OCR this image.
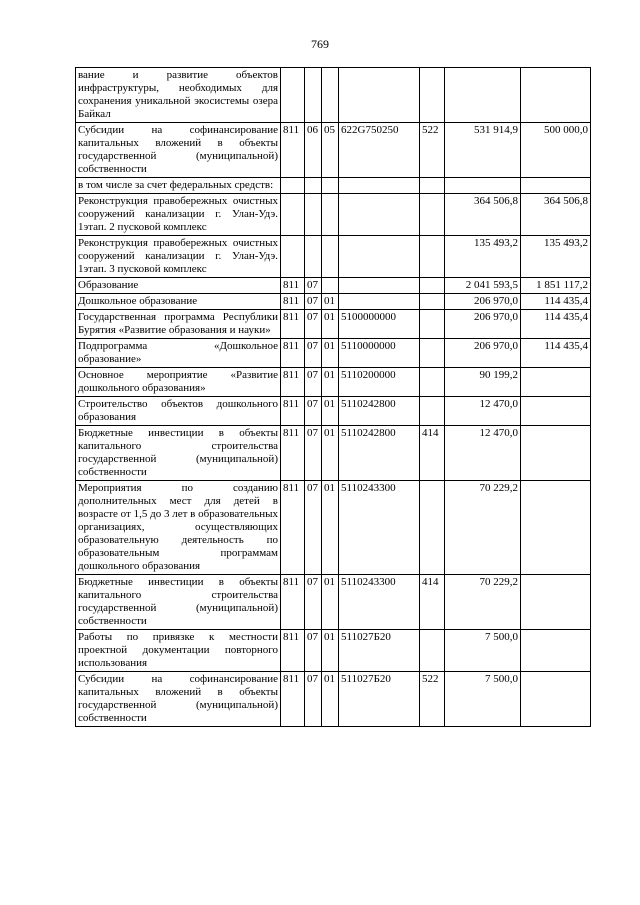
769
вание и развитие объектов инфраструктуры, необходимых для сохранения уникальной экосистемы озера Байкал							
Субсидии на софинансирование капитальных вложений в объекты государственной (муниципальной) собственности	811	06	05	622G750250	522	531 914,9	500 000,0
в том числе за счет федеральных средств:							
Реконструкция правобережных очистных сооружений канализации г. Улан-Удэ. 1этап. 2 пусковой комплекс						364 506,8	364 506,8
Реконструкция правобережных очистных сооружений канализации г. Улан-Удэ. 1этап. 3 пусковой комплекс						135 493,2	135 493,2
Образование	811	07				2 041 593,5	1 851 117,2
Дошкольное образование	811	07	01			206 970,0	114 435,4
Государственная программа Республики Бурятия «Развитие образования и науки»	811	07	01	5100000000		206 970,0	114 435,4
Подпрограмма «Дошкольное образование»	811	07	01	5110000000		206 970,0	114 435,4
Основное мероприятие «Развитие дошкольного образования»	811	07	01	5110200000		90 199,2	
Строительство объектов дошкольного образования	811	07	01	5110242800		12 470,0	
Бюджетные инвестиции в объекты капитального строительства государственной (муниципальной) собственности	811	07	01	5110242800	414	12 470,0	
Мероприятия по созданию дополнительных мест для детей в возрасте от 1,5 до 3 лет в образовательных организациях, осуществляющих образовательную деятельность по образовательным программам дошкольного образования	811	07	01	5110243300		70 229,2	
Бюджетные инвестиции в объекты капитального строительства государственной (муниципальной) собственности	811	07	01	5110243300	414	70 229,2	
Работы по привязке к местности проектной документации повторного использования	811	07	01	511027Б20		7 500,0	
Субсидии на софинансирование капитальных вложений в объекты государственной (муниципальной) собственности	811	07	01	511027Б20	522	7 500,0	
